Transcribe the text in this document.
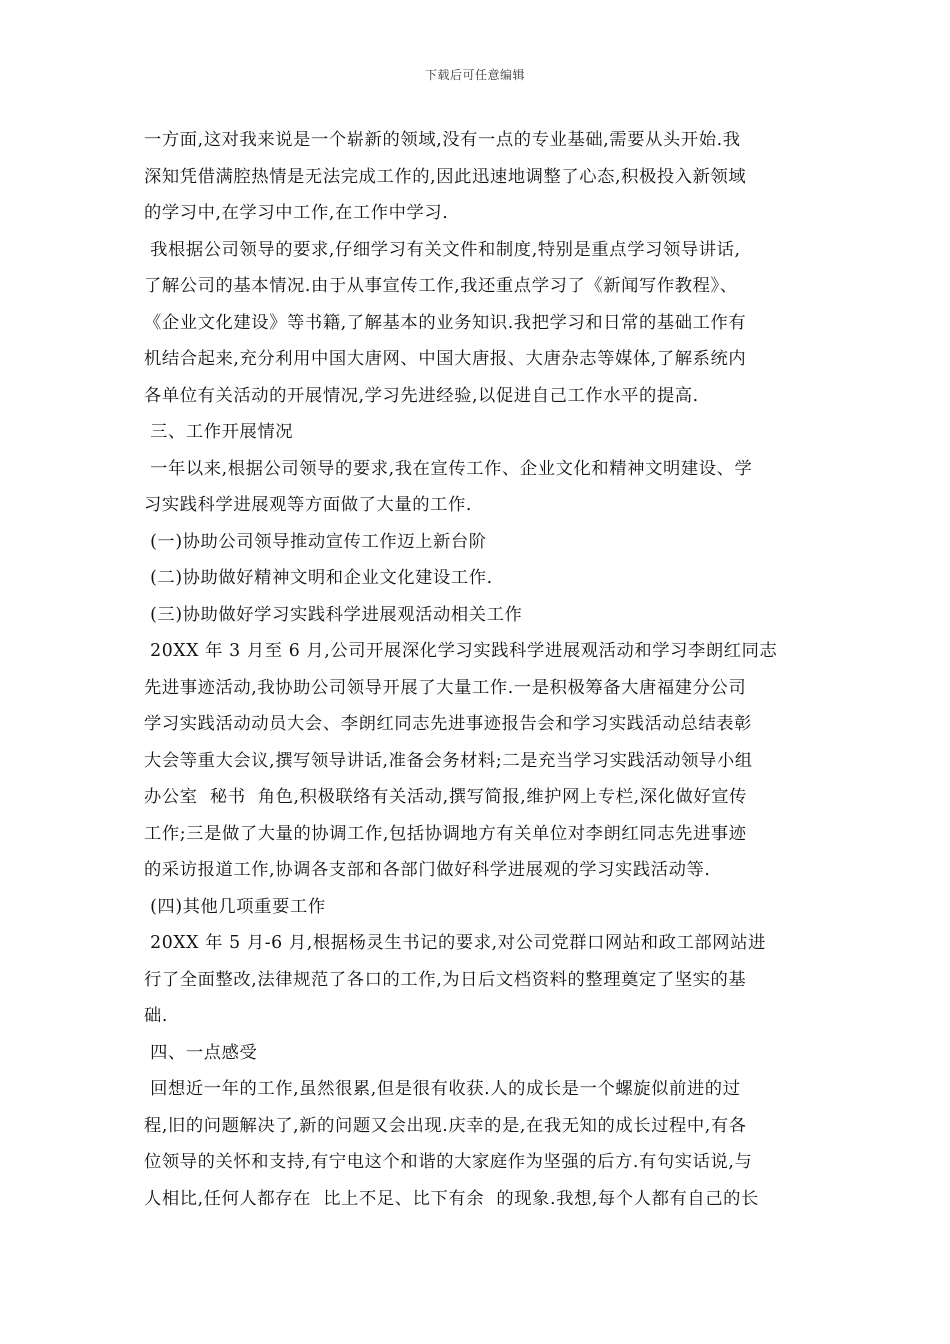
下载后可任意编辑
一方面,这对我来说是一个崭新的领域,没有一点的专业基础,需要从头开始.我
深知凭借满腔热情是无法完成工作的,因此迅速地调整了心态,积极投入新领域
的学习中,在学习中工作,在工作中学习.
我根据公司领导的要求,仔细学习有关文件和制度,特别是重点学习领导讲话,
了解公司的基本情况.由于从事宣传工作,我还重点学习了《新闻写作教程》、
《企业文化建设》等书籍,了解基本的业务知识.我把学习和日常的基础工作有
机结合起来,充分利用中国大唐网、中国大唐报、大唐杂志等媒体,了解系统内
各单位有关活动的开展情况,学习先进经验,以促进自己工作水平的提高.
三、工作开展情况
一年以来,根据公司领导的要求,我在宣传工作、企业文化和精神文明建设、学
习实践科学进展观等方面做了大量的工作.
(一)协助公司领导推动宣传工作迈上新台阶
(二)协助做好精神文明和企业文化建设工作.
(三)协助做好学习实践科学进展观活动相关工作
20XX 年 3 月至 6 月,公司开展深化学习实践科学进展观活动和学习李朗红同志
先进事迹活动,我协助公司领导开展了大量工作.一是积极筹备大唐福建分公司
学习实践活动动员大会、李朗红同志先进事迹报告会和学习实践活动总结表彰
大会等重大会议,撰写领导讲话,准备会务材料;二是充当学习实践活动领导小组
办公室  秘书  角色,积极联络有关活动,撰写简报,维护网上专栏,深化做好宣传
工作;三是做了大量的协调工作,包括协调地方有关单位对李朗红同志先进事迹
的采访报道工作,协调各支部和各部门做好科学进展观的学习实践活动等.
(四)其他几项重要工作
20XX 年 5 月-6 月,根据杨灵生书记的要求,对公司党群口网站和政工部网站进
行了全面整改,法律规范了各口的工作,为日后文档资料的整理奠定了坚实的基
础.
四、一点感受
回想近一年的工作,虽然很累,但是很有收获.人的成长是一个螺旋似前进的过
程,旧的问题解决了,新的问题又会出现.庆幸的是,在我无知的成长过程中,有各
位领导的关怀和支持,有宁电这个和谐的大家庭作为坚强的后方.有句实话说,与
人相比,任何人都存在  比上不足、比下有余  的现象.我想,每个人都有自己的长
